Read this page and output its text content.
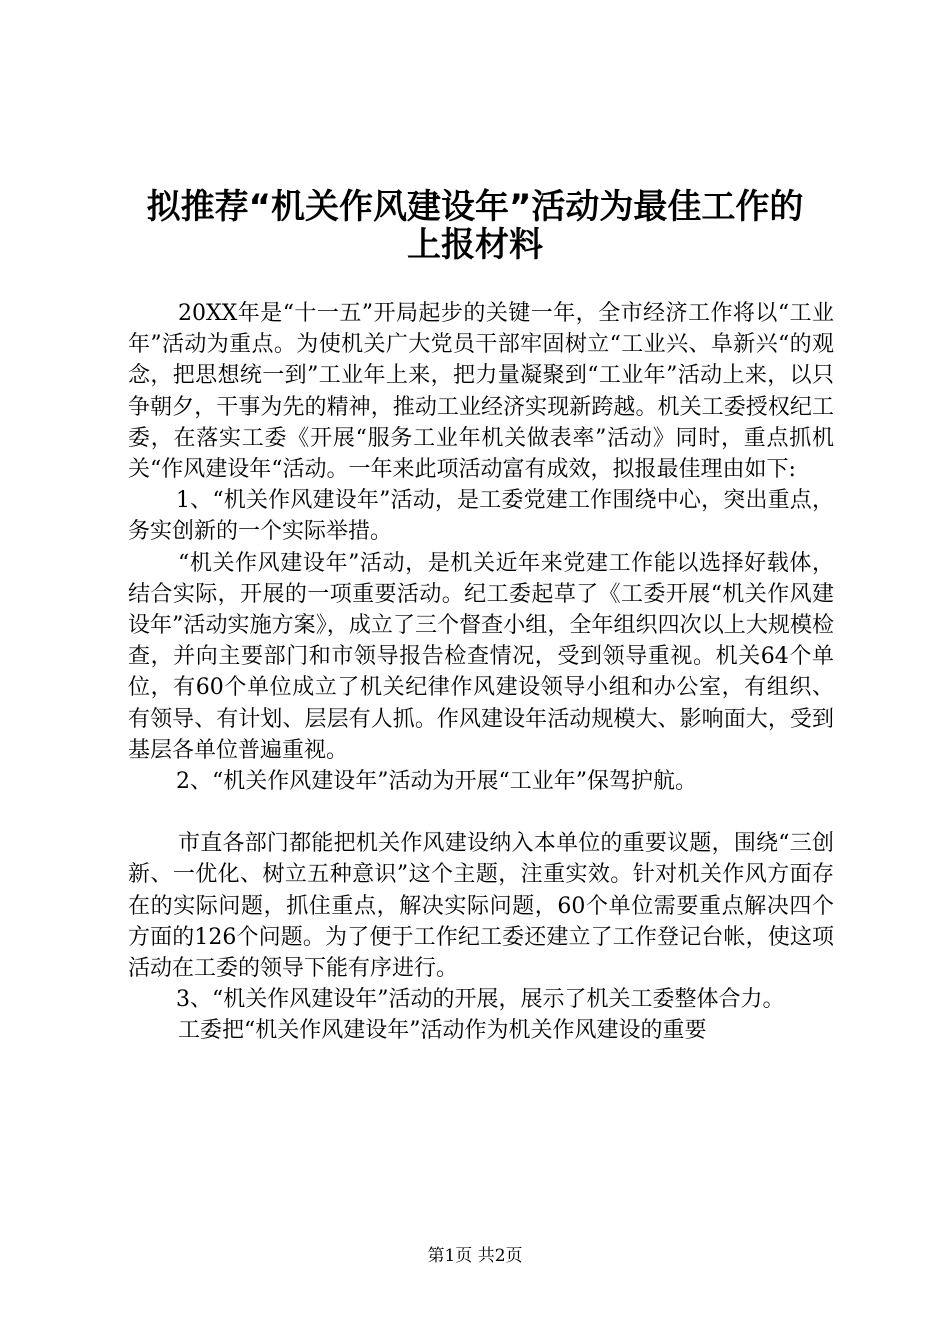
拟推荐“机关作风建设年”活动为最佳工作的
上报材料

20XX年是“十一五”开局起步的关键一年，全市经济工作将以“工业年”活动为重点。为使机关广大党员干部牢固树立“工业兴、阜新兴“的观念，把思想统一到”工业年上来，把力量凝聚到“工业年”活动上来，以只争朝夕，干事为先的精神，推动工业经济实现新跨越。机关工委授权纪工委，在落实工委《开展“服务工业年机关做表率”活动》同时，重点抓机关“作风建设年“活动。一年来此项活动富有成效，拟报最佳理由如下:

1、“机关作风建设年”活动，是工委党建工作围绕中心，突出重点，务实创新的一个实际举措。

“机关作风建设年”活动，是机关近年来党建工作能以选择好载体，结合实际，开展的一项重要活动。纪工委起草了《工委开展“机关作风建设年”活动实施方案》，成立了三个督查小组，全年组织四次以上大规模检查，并向主要部门和市领导报告检查情况，受到领导重视。机关64个单位，有60个单位成立了机关纪律作风建设领导小组和办公室，有组织、有领导、有计划、层层有人抓。作风建设年活动规模大、影响面大，受到基层各单位普遍重视。

2、“机关作风建设年”活动为开展“工业年”保驾护航。

市直各部门都能把机关作风建设纳入本单位的重要议题，围绕“三创新、一优化、树立五种意识”这个主题，注重实效。针对机关作风方面存在的实际问题，抓住重点，解决实际问题，60个单位需要重点解决四个方面的126个问题。为了便于工作纪工委还建立了工作登记台帐，使这项活动在工委的领导下能有序进行。

3、“机关作风建设年”活动的开展，展示了机关工委整体合力。

工委把“机关作风建设年”活动作为机关作风建设的重要

第1页 共2页
